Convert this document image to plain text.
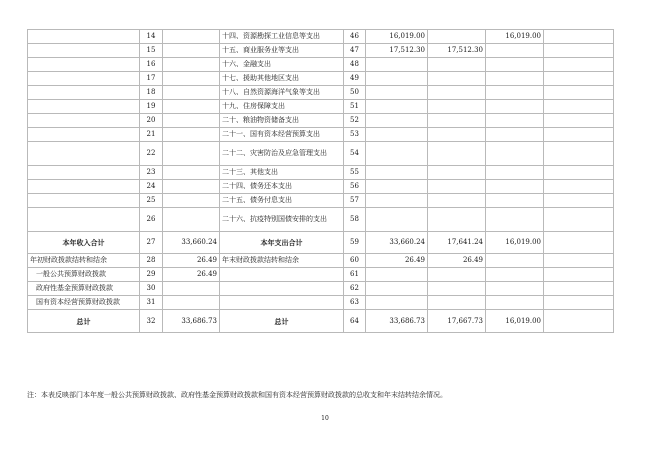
	14		十四、资源勘探工业信息等支出	46	16,019.00		16,019.00	
	15		十五、商业服务业等支出	47	17,512.30	17,512.30		
	16		十六、金融支出	48				
	17		十七、援助其他地区支出	49				
	18		十八、自然资源海洋气象等支出	50				
	19		十九、住房保障支出	51				
	20		二十、粮油物资储备支出	52				
	21		二十一、国有资本经营预算支出	53				
	22		二十二、灾害防治及应急管理支出	54				
	23		二十三、其他支出	55				
	24		二十四、债务还本支出	56				
	25		二十五、债务付息支出	57				
	26		二十六、抗疫特别国债安排的支出	58				
本年收入合计	27	33,660.24	本年支出合计	59	33,660.24	17,641.24	16,019.00	
年初财政拨款结转和结余	28	26.49	年末财政拨款结转和结余	60	26.49	26.49		
一般公共预算财政拨款	29	26.49		61				
政府性基金预算财政拨款	30			62				
国有资本经营预算财政拨款	31			63				
总计	32	33,686.73	总计	64	33,686.73	17,667.73	16,019.00	
注：本表反映部门本年度一般公共预算财政拨款、政府性基金预算财政拨款和国有资本经营预算财政拨款的总收支和年末结转结余情况。
10
